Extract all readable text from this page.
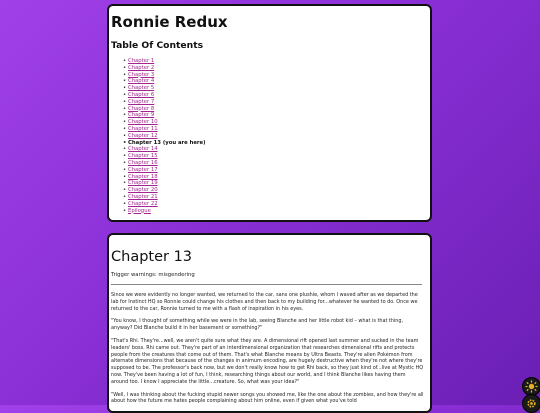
Ronnie Redux
Table Of Contents
• Chapter 1
• Chapter 2
• Chapter 3
• Chapter 4
• Chapter 5
• Chapter 6
• Chapter 7
• Chapter 8
• Chapter 9
• Chapter 10
• Chapter 11
• Chapter 12
• Chapter 13 (you are here)
• Chapter 14
• Chapter 15
• Chapter 16
• Chapter 17
• Chapter 18
• Chapter 19
• Chapter 20
• Chapter 21
• Chapter 22
• Epilogue
Chapter 13

Trigger warnings: misgendering

Since we were evidently no longer wanted, we returned to the car, sans one plushie, whom I waved after as we departed the lab for Instinct HQ so Ronnie could change his clothes and then back to my building for...whatever he wanted to do. Once we returned to the car, Ronnie turned to me with a flash of inspiration in his eyes.

"You know, I thought of something while we were in the lab, seeing Blanche and her little robot kid – what is that thing, anyway? Did Blanche build it in her basement or something?"

"That's Rhi. They're...well, we aren't quite sure what they are. A dimensional rift opened last summer and sucked in the team leaders' boss. Rhi came out. They're part of an interdimensional organization that researches dimensional rifts and protects people from the creatures that come out of them. That's what Blanche means by Ultra Beasts. They're alien Pokémon from alternate dimensions that because of the changes in animum encoding, are hugely destructive when they're not where they're supposed to be. The professor's back now, but we don't really know how to get Rhi back, so they just kind of...live at Mystic HQ now. They've been having a lot of fun, I think, researching things about our world, and I think Blanche likes having them around too. I know I appreciate the little...creature. So, what was your idea?"

"Well, I was thinking about the fucking stupid newer songs you showed me, like the one about the zombies, and how they're all about how the future me hates people complaining about him online, even if given what you've told
